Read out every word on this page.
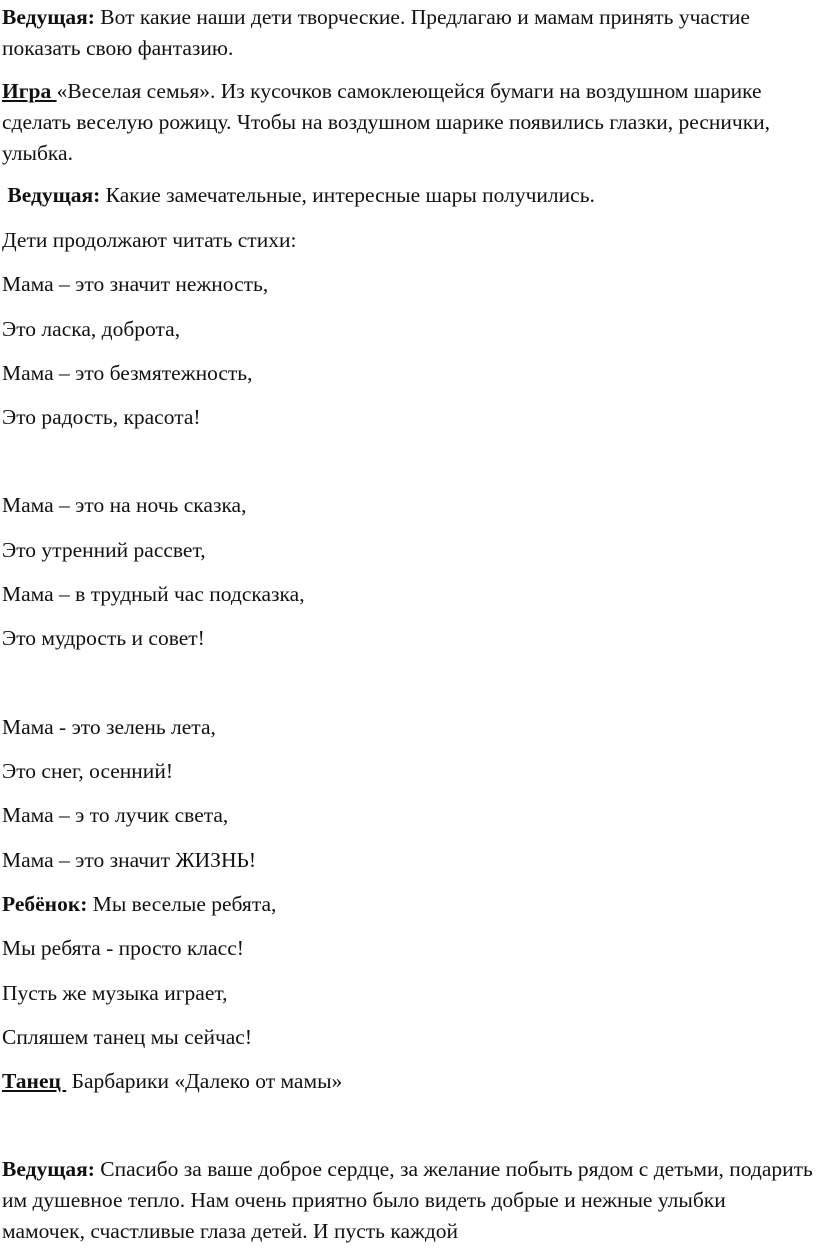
Ведущая: Вот какие наши дети творческие. Предлагаю и мамам принять участие показать свою фантазию.

Игра «Веселая семья». Из кусочков самоклеющейся бумаги на воздушном шарике сделать веселую рожицу. Чтобы на воздушном шарике появились глазки, реснички, улыбка.

Ведущая: Какие замечательные, интересные шары получились.

Дети продолжают читать стихи:

Мама – это значит нежность,

Это ласка, доброта,

Мама – это безмятежность,

Это радость, красота!

Мама – это на ночь сказка,

Это утренний рассвет,

Мама – в трудный час подсказка,

Это мудрость и совет!

Мама - это зелень лета,

Это снег, осенний!

Мама – э то лучик света,

Мама – это значит ЖИЗНЬ!

Ребёнок: Мы веселые ребята,

Мы ребята - просто класс!

Пусть же музыка играет,

Спляшем танец мы сейчас!

Танец  Барбарики «Далеко от мамы»

Ведущая: Спасибо за ваше доброе сердце, за желание побыть рядом с детьми, подарить им душевное тепло. Нам очень приятно было видеть добрые и нежные улыбки мамочек, счастливые глаза детей. И пусть каждой
